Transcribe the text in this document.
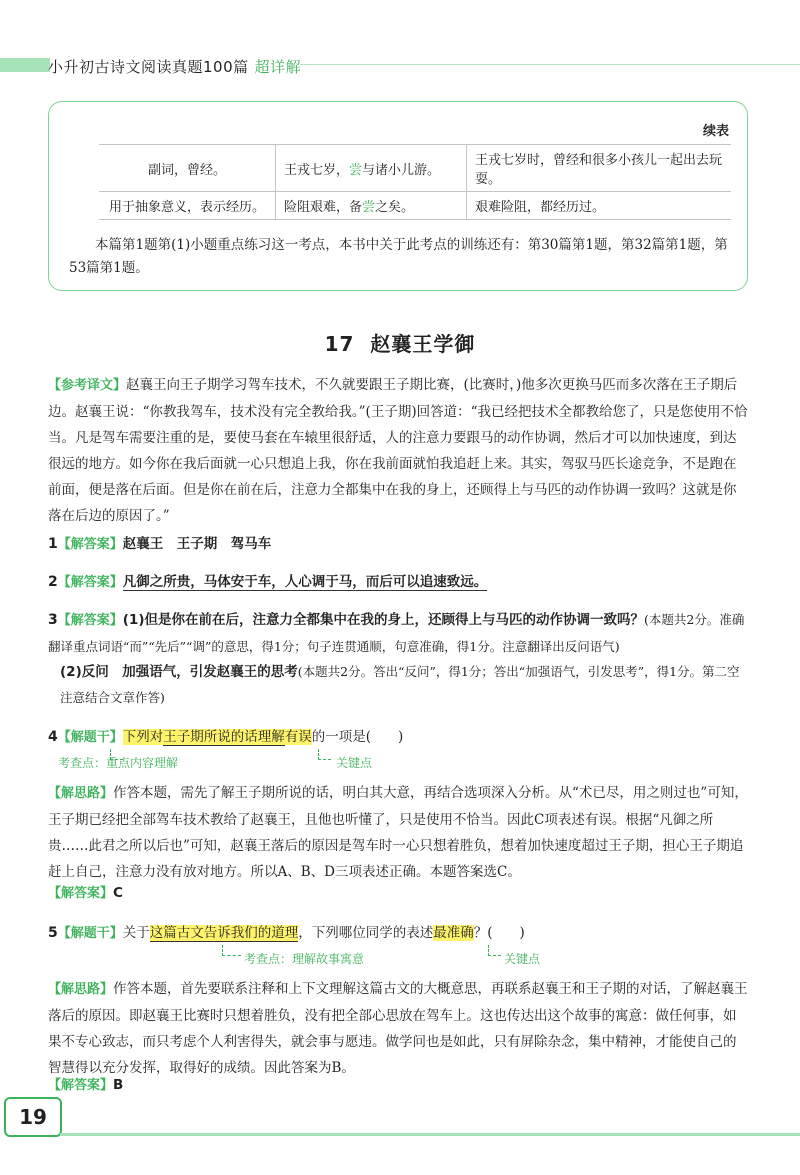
小升初古诗文阅读真题100篇 超详解
续表
副词，曾经。	王戎七岁，尝与诸小儿游。	王戎七岁时，曾经和很多小孩儿一起出去玩耍。
用于抽象意义，表示经历。	险阻艰难，备尝之矣。	艰难险阻，都经历过。
本篇第1题第(1)小题重点练习这一考点，本书中关于此考点的训练还有：第30篇第1题，第32篇第1题，第53篇第1题。
17 赵襄王学御
【参考译文】赵襄王向王子期学习驾车技术，不久就要跟王子期比赛，(比赛时，)他多次更换马匹而多次落在王子期后边。赵襄王说：“你教我驾车，技术没有完全教给我。”(王子期)回答道：“我已经把技术全都教给您了，只是您使用不恰当。凡是驾车需要注重的是，要使马套在车辕里很舒适，人的注意力要跟马的动作协调，然后才可以加快速度，到达很远的地方。如今你在我后面就一心只想追上我，你在我前面就怕我追赶上来。其实，驾驭马匹长途竞争，不是跑在前面，便是落在后面。但是你在前在后，注意力全都集中在我的身上，还顾得上与马匹的动作协调一致吗？这就是你落在后边的原因了。”
1【解答案】赵襄王　王子期　驾马车
2【解答案】凡御之所贵，马体安于车，人心调于马，而后可以追速致远。
3【解答案】(1)但是你在前在后，注意力全都集中在我的身上，还顾得上与马匹的动作协调一致吗？(本题共2分。准确翻译重点词语“而”“先后”“调”的意思，得1分；句子连贯通顺，句意准确，得1分。注意翻译出反问语气)
(2)反问　加强语气，引发赵襄王的思考(本题共2分。答出“反问”，得1分；答出“加强语气，引发思考”，得1分。第二空注意结合文章作答)
4【解题干】下列对王子期所说的话理解有误的一项是(　　)
考查点：重点内容理解	关键点
【解思路】作答本题，需先了解王子期所说的话，明白其大意，再结合选项深入分析。从“术已尽，用之则过也”可知，王子期已经把全部驾车技术教给了赵襄王，且他也听懂了，只是使用不恰当。因此C项表述有误。根据“凡御之所贵……此君之所以后也”可知，赵襄王落后的原因是驾车时一心只想着胜负，想着加快速度超过王子期，担心王子期追赶上自己，注意力没有放对地方。所以A、B、D三项表述正确。本题答案选C。
【解答案】C
5【解题干】关于这篇古文告诉我们的道理，下列哪位同学的表述最准确？(　　)
考查点：理解故事寓意	关键点
【解思路】作答本题，首先要联系注释和上下文理解这篇古文的大概意思，再联系赵襄王和王子期的对话，了解赵襄王落后的原因。即赵襄王比赛时只想着胜负，没有把全部心思放在驾车上。这也传达出这个故事的寓意：做任何事，如果不专心致志，而只考虑个人利害得失，就会事与愿违。做学问也是如此，只有屏除杂念，集中精神，才能使自己的智慧得以充分发挥，取得好的成绩。因此答案为B。
【解答案】B
19
